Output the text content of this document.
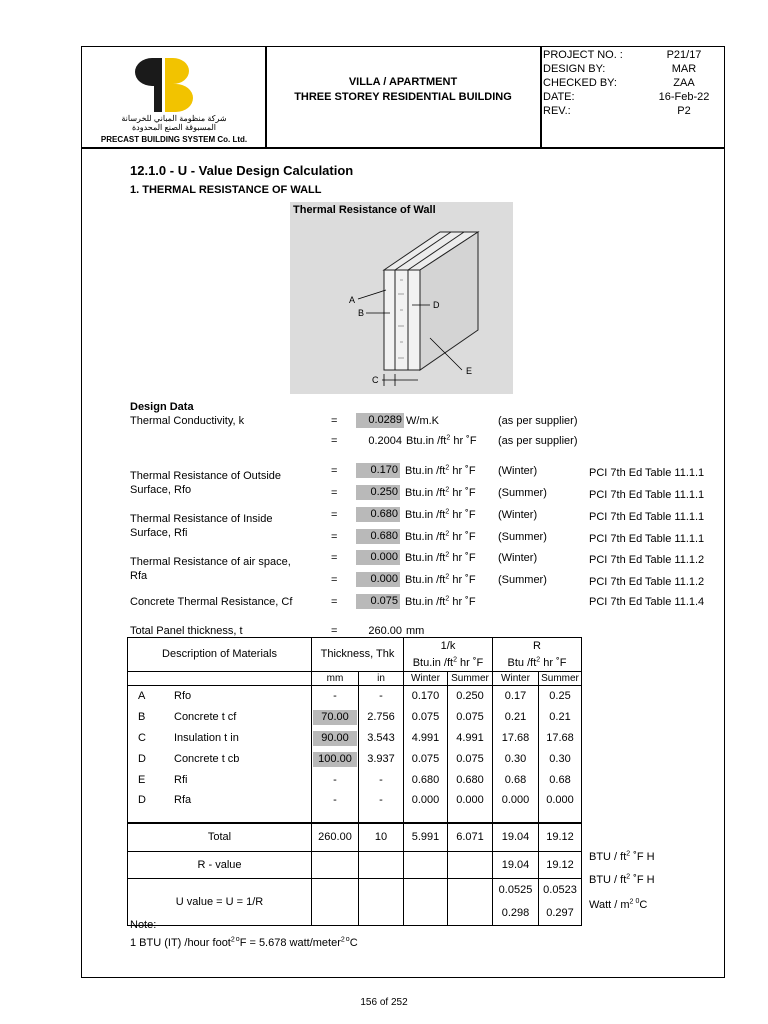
شركة منظومة المباني للخرسانة
المسبوقة الصنع المحدودة
PRECAST BUILDING SYSTEM Co. Ltd.
VILLA / APARTMENT
THREE STOREY RESIDENTIAL BUILDING
PROJECT NO. :	P21/17
DESIGN BY:	MAR
CHECKED BY:	ZAA
DATE:	16-Feb-22
REV.:	P2
12.1.0 - U - Value Design Calculation
1. THERMAL RESISTANCE OF WALL
Thermal Resistance of Wall
A
B
D
E
C
Design Data
Thermal Conductivity, k	=	0.0289 W/m.K	(as per supplier)
=	0.2004 Btu.in $/ft^2$ hr ˚F (as per supplier)
Thermal Resistance of Outside
Surface, Rfo
=	0.170 Btu.in $/ft^2$ hr ˚F (Winter)	PCI 7th Ed Table 11.1.1
=	0.250 Btu.in $/ft^2$ hr ˚F (Summer)	PCI 7th Ed Table 11.1.1
Thermal Resistance of Inside
Surface, Rfi
=	0.680 Btu.in $/ft^2$ hr ˚F (Winter)	PCI 7th Ed Table 11.1.1
=	0.680 Btu.in $/ft^2$ hr ˚F (Summer)	PCI 7th Ed Table 11.1.1
Thermal Resistance of air space,
Rfa
=	0.000 Btu.in $/ft^2$ hr ˚F (Winter)	PCI 7th Ed Table 11.1.2
=	0.000 Btu.in $/ft^2$ hr ˚F (Summer)	PCI 7th Ed Table 11.1.2
Concrete Thermal Resistance, Cf	=	0.075 Btu.in $/ft^2$ hr ˚F	PCI 7th Ed Table 11.1.4
Total Panel thickness, t	=	260.00 mm
Description of Materials	Thickness, Thk		1/k		R	
			Btu.in $/ft^2$ hr ˚F		Btu $/ft^2$ hr ˚F	
	mm	in	Winter	Summer	Winter	Summer
A Rfo	-	-	0.170	0.250	0.17	0.25
B Concrete t cf	70.00	2.756	0.075	0.075	0.21	0.21
C Insulation t in	90.00	3.543	4.991	4.991	17.68	17.68
D Concrete t cb	100.00	3.937	0.075	0.075	0.30	0.30
E Rfi	-	-	0.680	0.680	0.68	0.68
D Rfa	-	-	0.000	0.000	0.000	0.000
Total	260.00	10	5.991	6.071	19.04	19.12
R - value					19.04	19.12
U value = U = 1/R					0.0525	0.0523
					0.298	0.297
BTU / $ft^2$ ˚F H
BTU / $ft^2$ ˚F H
Watt / $m^2$ $^0$C
Note:
1 BTU (IT) /hour foot$^{2o}$F = 5.678 watt/meter$^{2o}$C
156 of 252
